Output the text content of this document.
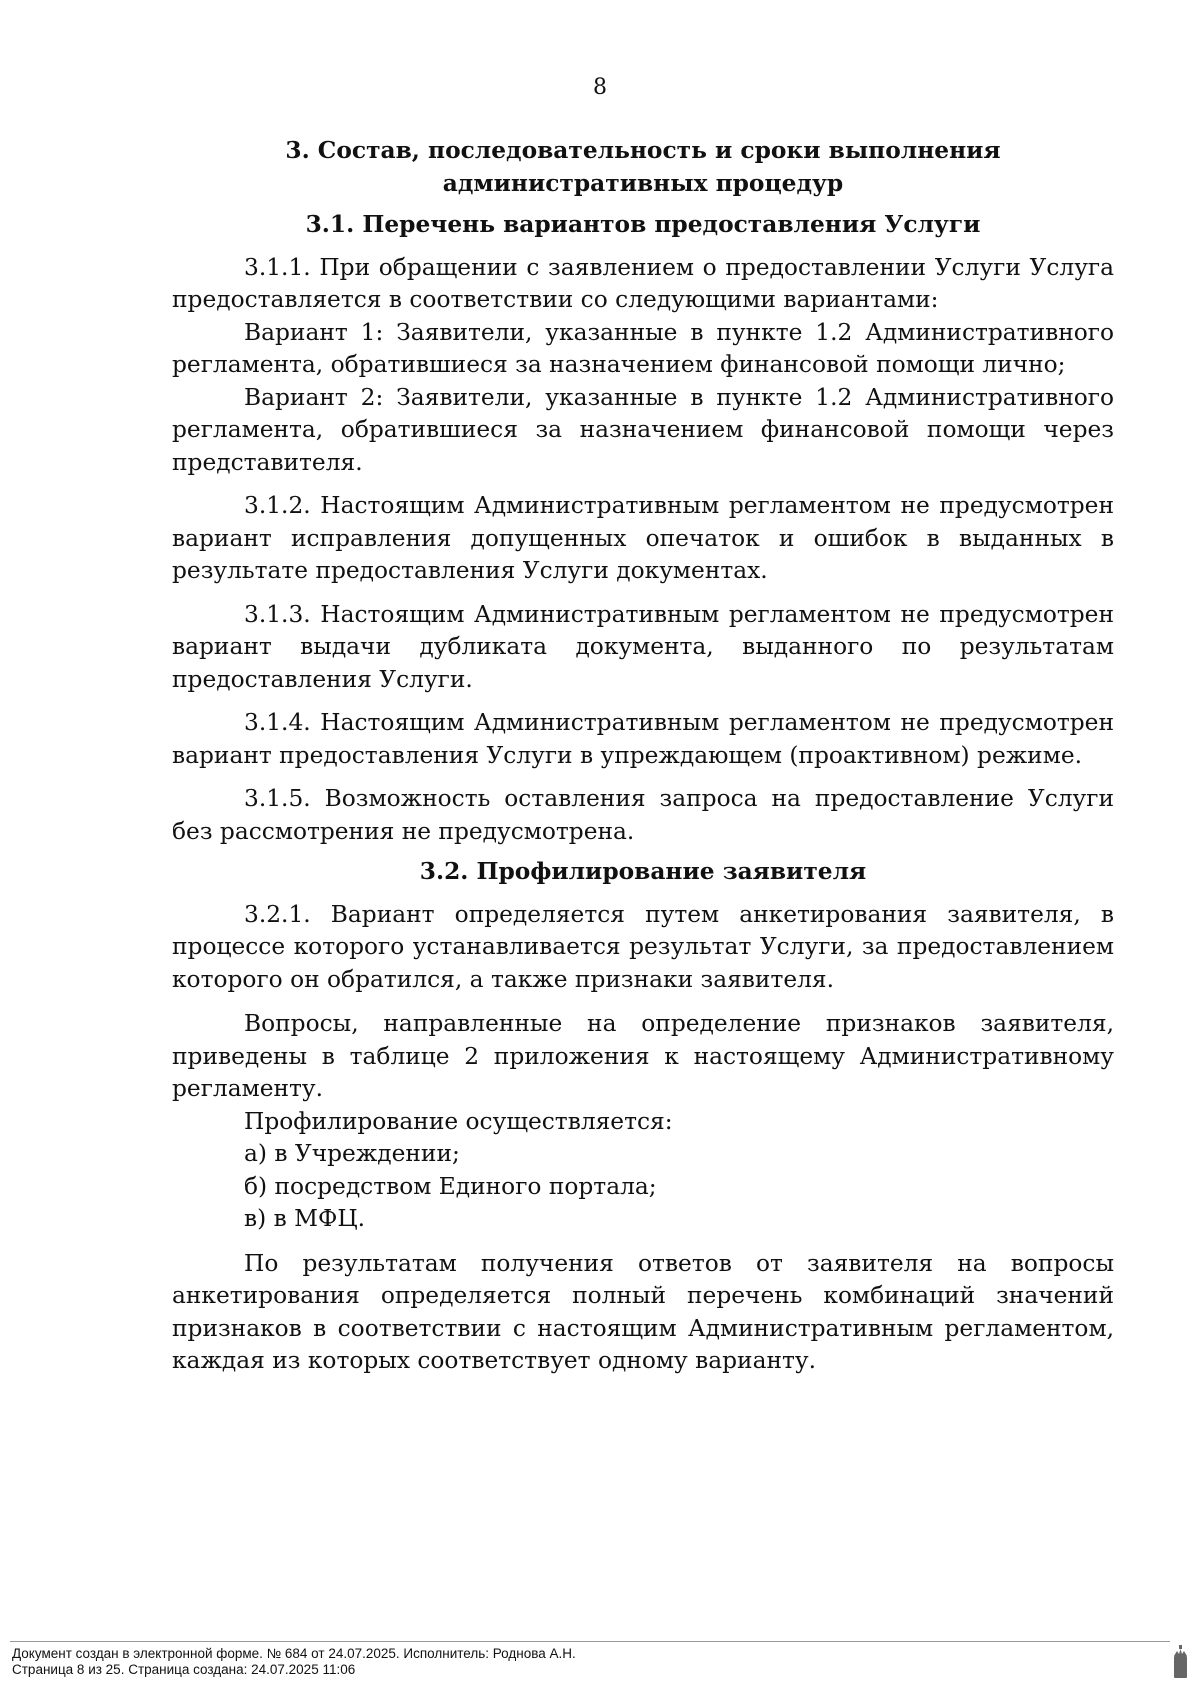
8
3. Состав, последовательность и сроки выполнения административных процедур
3.1. Перечень вариантов предоставления Услуги

3.1.1. При обращении с заявлением о предоставлении Услуги Услуга предоставляется в соответствии со следующими вариантами:

Вариант 1: Заявители, указанные в пункте 1.2 Административного регламента, обратившиеся за назначением финансовой помощи лично;

Вариант 2: Заявители, указанные в пункте 1.2 Административного регламента, обратившиеся за назначением финансовой помощи через представителя.

3.1.2. Настоящим Административным регламентом не предусмотрен вариант исправления допущенных опечаток и ошибок в выданных в результате предоставления Услуги документах.

3.1.3. Настоящим Административным регламентом не предусмотрен вариант выдачи дубликата документа, выданного по результатам предоставления Услуги.

3.1.4. Настоящим Административным регламентом не предусмотрен вариант предоставления Услуги в упреждающем (проактивном) режиме.

3.1.5. Возможность оставления запроса на предоставление Услуги без рассмотрения не предусмотрена.

3.2. Профилирование заявителя

3.2.1. Вариант определяется путем анкетирования заявителя, в процессе которого устанавливается результат Услуги, за предоставлением которого он обратился, а также признаки заявителя.

Вопросы, направленные на определение признаков заявителя, приведены в таблице 2 приложения к настоящему Административному регламенту.

Профилирование осуществляется:

а) в Учреждении;

б) посредством Единого портала;

в) в МФЦ.

По результатам получения ответов от заявителя на вопросы анкетирования определяется полный перечень комбинаций значений признаков в соответствии с настоящим Административным регламентом, каждая из которых соответствует одному варианту.

Документ создан в электронной форме. № 684 от 24.07.2025. Исполнитель: Роднова А.Н.
Страница 8 из 25. Страница создана: 24.07.2025 11:06
